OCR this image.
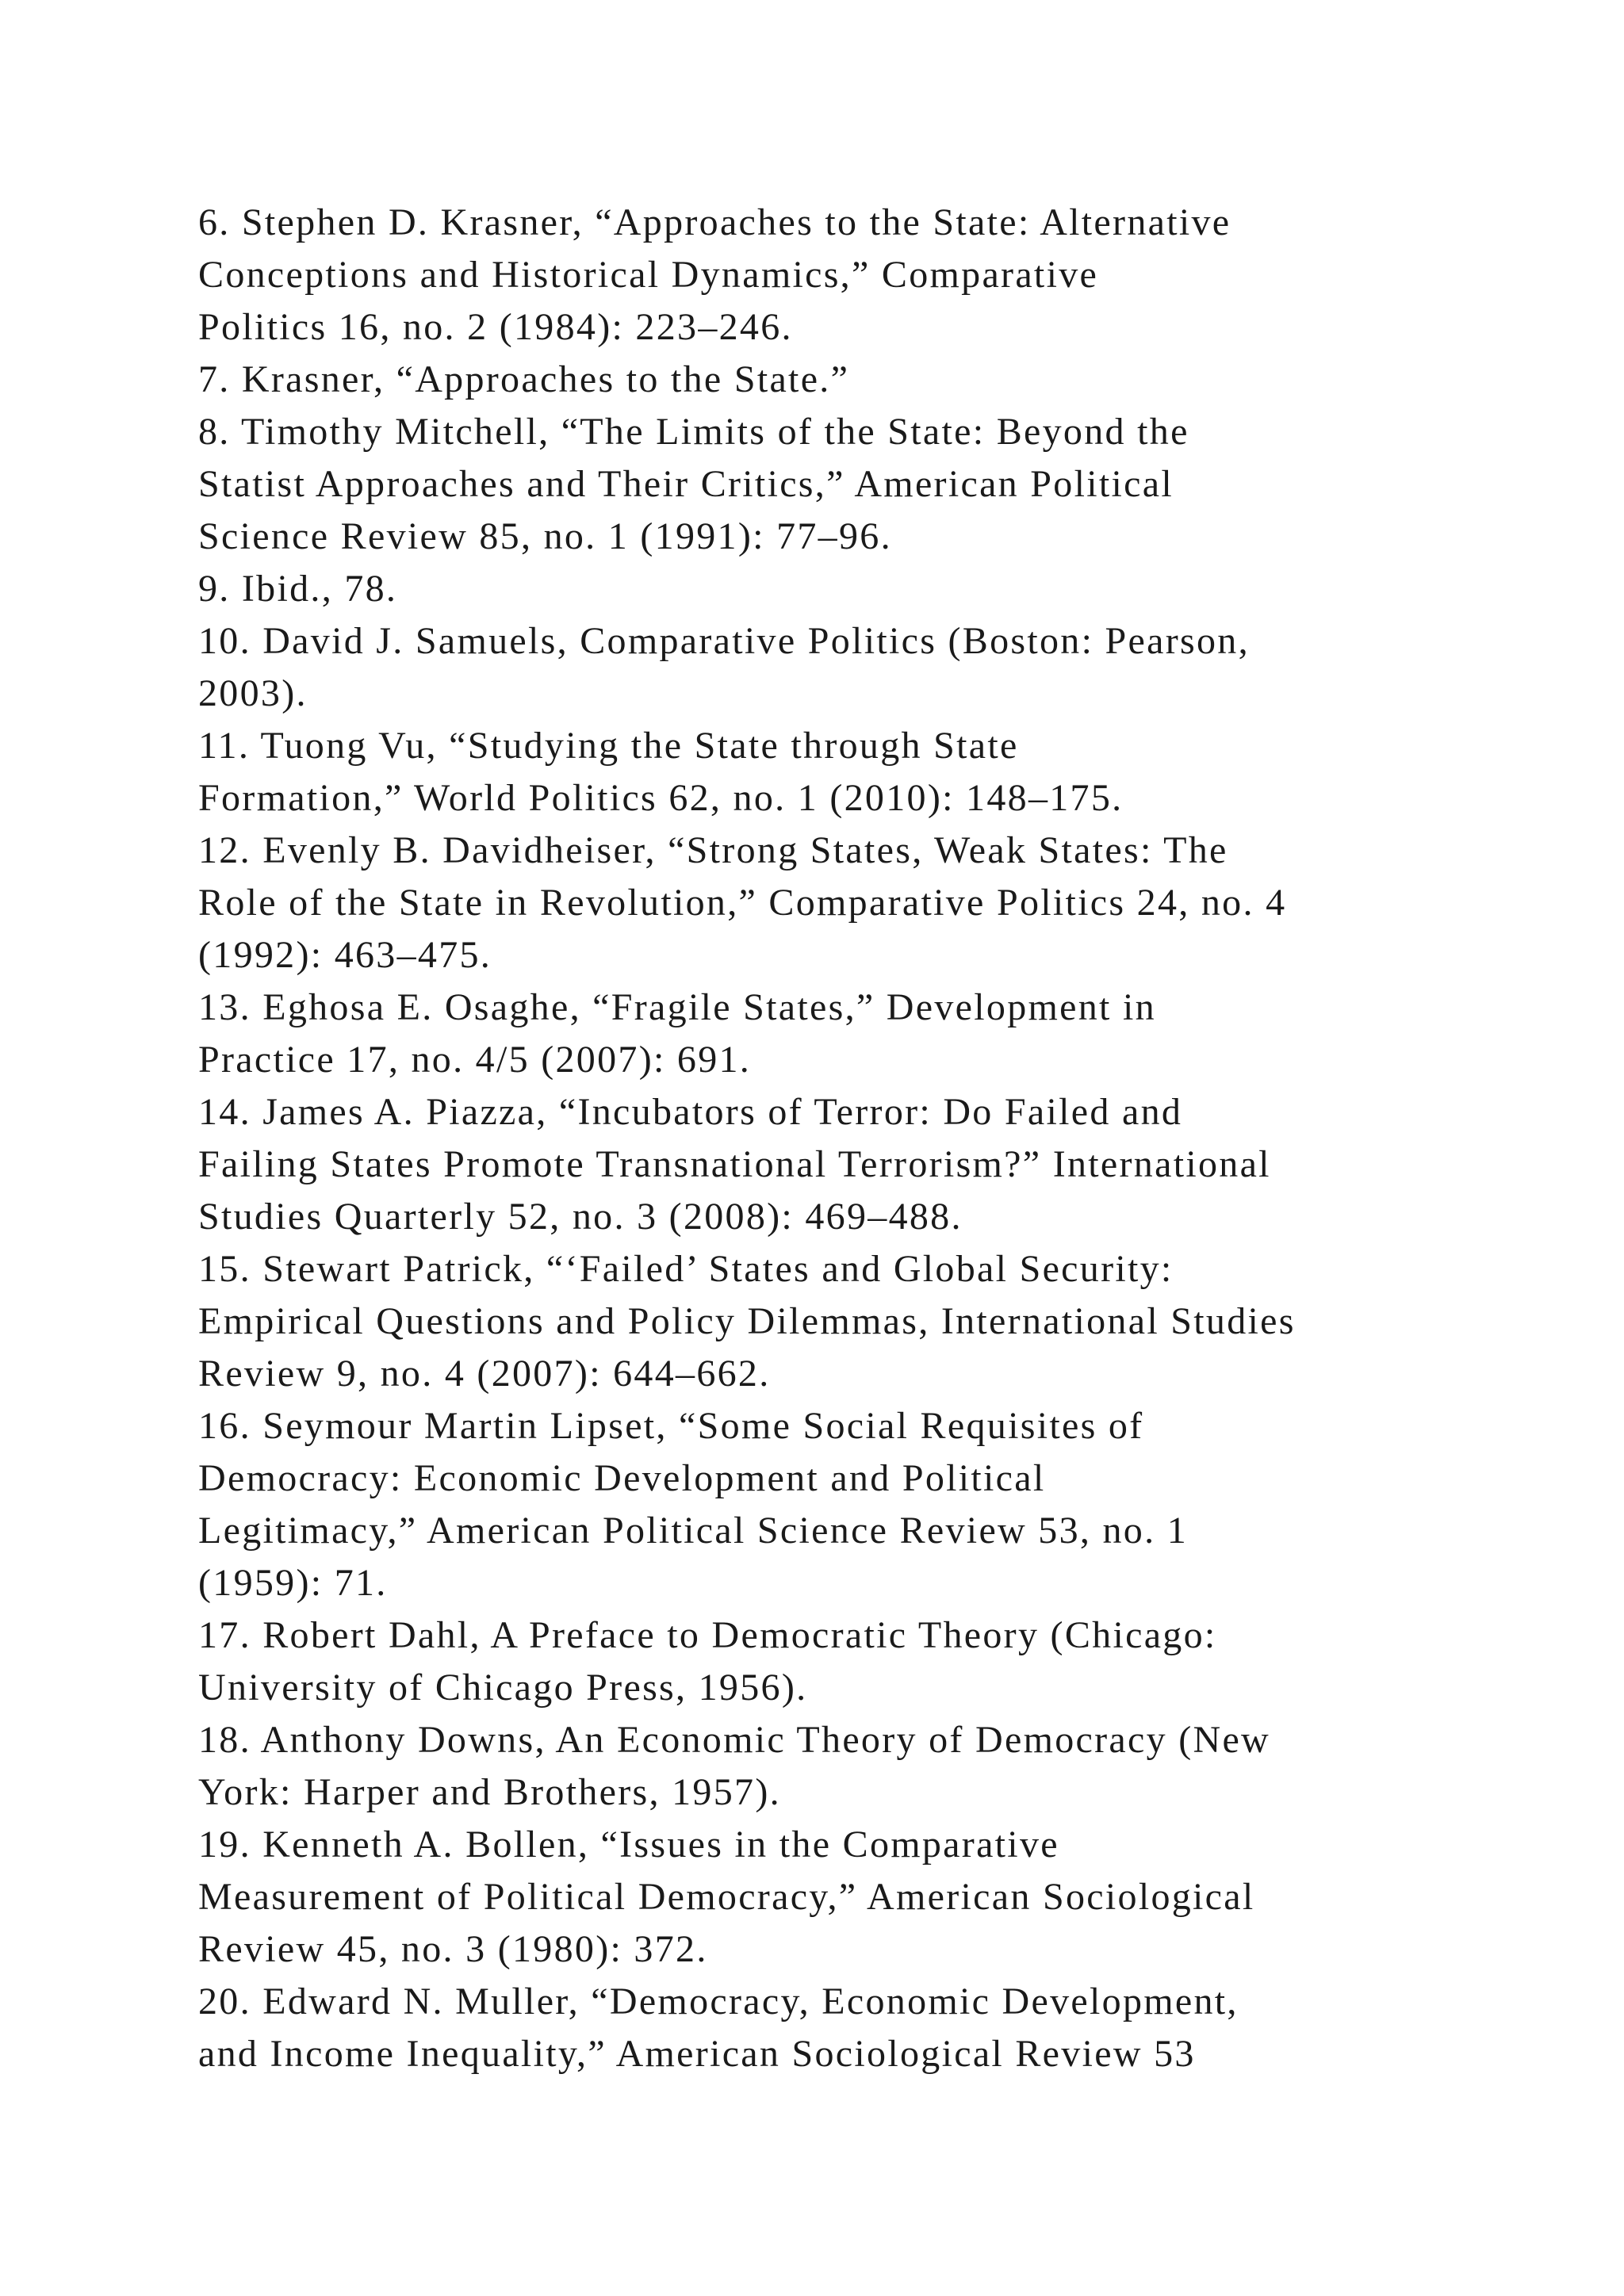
6. Stephen D. Krasner, “Approaches to the State: Alternative
Conceptions and Historical Dynamics,” Comparative
Politics 16, no. 2 (1984): 223–246.
7. Krasner, “Approaches to the State.”
8. Timothy Mitchell, “The Limits of the State: Beyond the
Statist Approaches and Their Critics,” American Political
Science Review 85, no. 1 (1991): 77–96.
9. Ibid., 78.
10. David J. Samuels, Comparative Politics (Boston: Pearson,
2003).
11. Tuong Vu, “Studying the State through State
Formation,” World Politics 62, no. 1 (2010): 148–175.
12. Evenly B. Davidheiser, “Strong States, Weak States: The
Role of the State in Revolution,” Comparative Politics 24, no. 4
(1992): 463–475.
13. Eghosa E. Osaghe, “Fragile States,” Development in
Practice 17, no. 4/5 (2007): 691.
14. James A. Piazza, “Incubators of Terror: Do Failed and
Failing States Promote Transnational Terrorism?” International
Studies Quarterly 52, no. 3 (2008): 469–488.
15. Stewart Patrick, “‘Failed’ States and Global Security:
Empirical Questions and Policy Dilemmas, International Studies
Review 9, no. 4 (2007): 644–662.
16. Seymour Martin Lipset, “Some Social Requisites of
Democracy: Economic Development and Political
Legitimacy,” American Political Science Review 53, no. 1
(1959): 71.
17. Robert Dahl, A Preface to Democratic Theory (Chicago:
University of Chicago Press, 1956).
18. Anthony Downs, An Economic Theory of Democracy (New
York: Harper and Brothers, 1957).
19. Kenneth A. Bollen, “Issues in the Comparative
Measurement of Political Democracy,” American Sociological
Review 45, no. 3 (1980): 372.
20. Edward N. Muller, “Democracy, Economic Development,
and Income Inequality,” American Sociological Review 53
